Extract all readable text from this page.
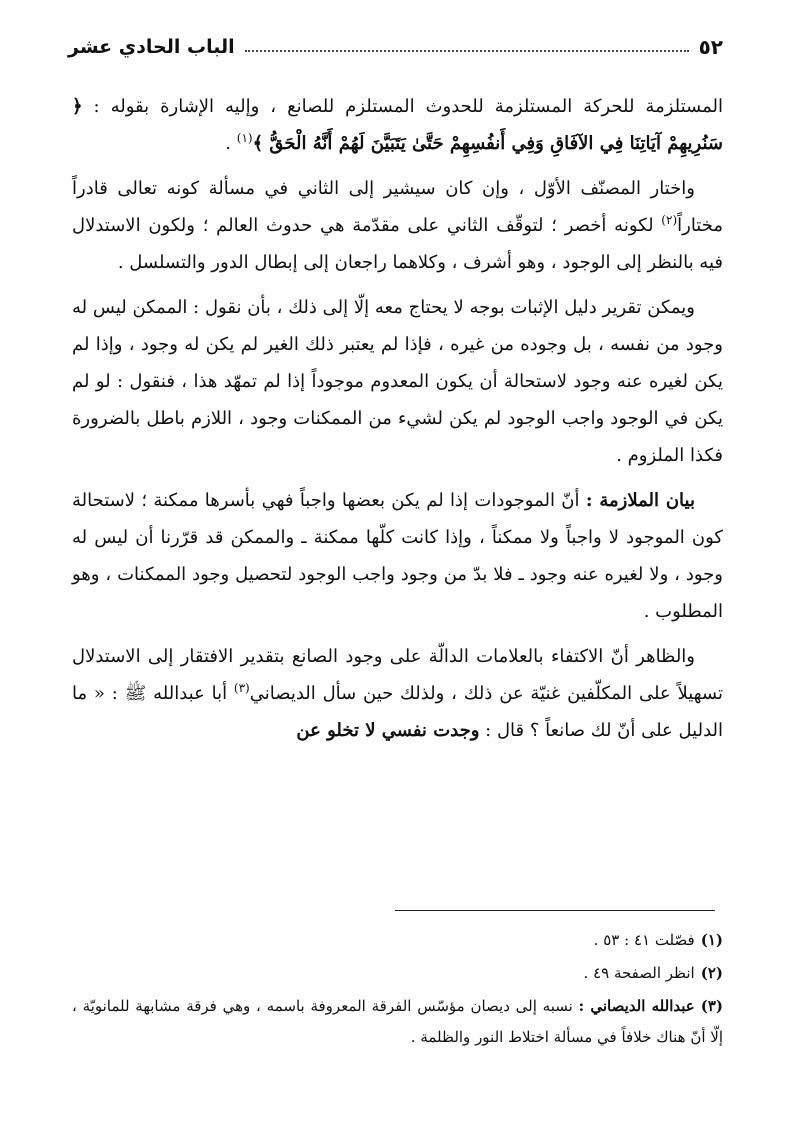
٥٢
الباب الحادي عشر

المستلزمة للحركة المستلزمة للحدوث المستلزم للصانع ، وإليه الإشارة بقوله : ﴿ سَنُرِيهِمْ آيَاتِنَا فِي الآفَاقِ وَفِي أَنفُسِهِمْ حَتَّىٰ يَتَبَيَّنَ لَهُمْ أَنَّهُ الْحَقُّ ﴾$^{(١)}$ .

واختار المصنّف الأوّل ، وإن كان سيشير إلى الثاني في مسألة كونه تعالى قادراً مختاراً$^{(٢)}$ لكونه أخصر ؛ لتوقّف الثاني على مقدّمة هي حدوث العالم ؛ ولكون الاستدلال فيه بالنظر إلى الوجود ، وهو أشرف ، وكلاهما راجعان إلى إبطال الدور والتسلسل .

ويمكن تقرير دليل الإثبات بوجه لا يحتاج معه إلّا إلى ذلك ، بأن نقول : الممكن ليس له وجود من نفسه ، بل وجوده من غيره ، فإذا لم يعتبر ذلك الغير لم يكن له وجود ، وإذا لم يكن لغيره عنه وجود لاستحالة أن يكون المعدوم موجوداً إذا لم تمهّد هذا ، فنقول : لو لم يكن في الوجود واجب الوجود لم يكن لشيء من الممكنات وجود ، اللازم باطل بالضرورة فكذا الملزوم .

بيان الملازمة : أنّ الموجودات إذا لم يكن بعضها واجباً فهي بأسرها ممكنة ؛ لاستحالة كون الموجود لا واجباً ولا ممكناً ، وإذا كانت كلّها ممكنة ـ والممكن قد قرّرنا أن ليس له وجود ، ولا لغيره عنه وجود ـ فلا بدّ من وجود واجب الوجود لتحصيل وجود الممكنات ، وهو المطلوب .

والظاهر أنّ الاكتفاء بالعلامات الدالّة على وجود الصانع بتقدير الافتقار إلى الاستدلال تسهيلاً على المكلّفين غنيّة عن ذلك ، ولذلك حين سأل الديصاني$^{(٣)}$ أبا عبدالله ﷺ : « ما الدليل على أنّ لك صانعاً ؟ قال : وجدت نفسي لا تخلو عن

(١)فصّلت ٤١ : ٥٣ .

(٢)انظر الصفحة ٤٩ .

(٣)عبدالله الديصاني : نسبه إلى ديصان مؤسّس الفرقة المعروفة باسمه ، وهي فرقة مشابهة للمانويّة ، إلّا أنّ هناك خلافاً في مسألة اختلاط النور والظلمة .
